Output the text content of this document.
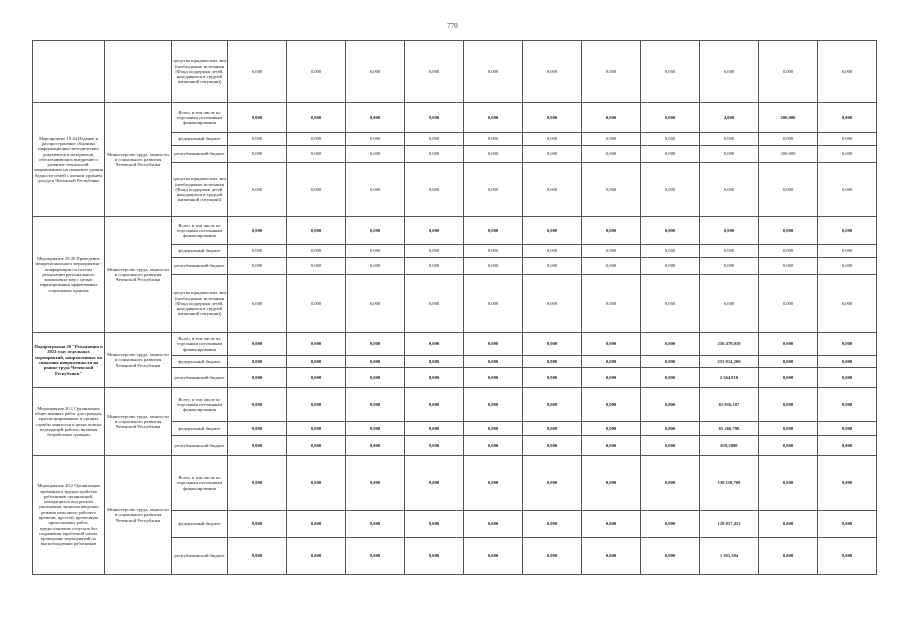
770
		средства юридических лиц (необходимые источники (Фонд поддержки детей, находящихся в трудной жизненной ситуации))	0,000	0,000	0,000	0,000	0,000	0,000	0,000	0,000	0,000	0,000	0,000
Мероприятие 19.44 Издание и распространение сборника информационно-методических документов и материалов, обеспечивающих внедрение и развитие технологий, направленных на снижение уровня бедности семей с низким уровнем дохода в Чеченской Республике	Министерство труда, занятости и социального развития Чеченской Республики	Всего, в том числе по отдельным источникам финансирования	0,000	0,000	0,000	0,000	0,000	0,000	0,000	0,000	4,000	200,000	0,000
		федеральный бюджет	0,000	0,000	0,000	0,000	0,000	0,000	0,000	0,000	0,000	0,000	0,000
		республиканский бюджет	0,000	0,000	0,000	0,000	0,000	0,000	0,000	0,000	0,000	200,000	0,000
		средства юридических лиц (необходимые источники (Фонд поддержки детей, находящихся в трудной жизненной ситуации))	0,000	0,000	0,000	0,000	0,000	0,000	0,000	0,000	0,000	0,000	0,000
Мероприятие 19.45 Проведение межрегионального мероприятия - конференции по итогам реализации регионального компонента мер с целью тиражирования эффективных социальных практик	Министерство труда, занятости и социального развития Чеченской Республики	Всего, в том числе по отдельным источникам финансирования	0,000	0,000	0,000	0,000	0,000	0,000	0,000	0,000	0,000	0,000	0,000
		федеральный бюджет	0,000	0,000	0,000	0,000	0,000	0,000	0,000	0,000	0,000	0,000	0,000
		республиканский бюджет	0,000	0,000	0,000	0,000	0,000	0,000	0,000	0,000	0,000	0,000	0,000
		средства юридических лиц (необходимые источники (Фонд поддержки детей, находящихся в трудной жизненной ситуации))	0,000	0,000	0,000	0,000	0,000	0,000	0,000	0,000	0,000	0,000	0,000
Подпрограмма 20 "Реализация в 2022 году отдельных мероприятий, направленных на снижение напряженности на рынке труда Чеченской Республики"	Министерство труда, занятости и социального развития Чеченской Республики	Всего, в том числе по отдельным источникам финансирования	0,000	0,000	0,000	0,000	0,000	0,000	0,000	0,000	256 479,010	0,000	0,000
		федеральный бюджет	0,000	0,000	0,000	0,000	0,000	0,000	0,000	0,000	253 914,200	0,000	0,000
		республиканский бюджет	0,000	0,000	0,000	0,000	0,000	0,000	0,000	0,000	2 564,810	0,000	0,000
Мероприятие 20.1 Организация общественных работ для граждан, зарегистрированных в органах службы занятости в целях поиска подходящей работы, включая безработных граждан	Министерство труда, занятости и социального развития Чеченской Республики	Всего, в том числе по отдельным источникам финансирования	0,000	0,000	0,000	0,000	0,000	0,000	0,000	0,000	65 916,107	0,000	0,000
		федеральный бюджет	0,000	0,000	0,000	0,000	0,000	0,000	0,000	0,000	65 266,798	0,000	0,000
		республиканский бюджет	0,000	0,000	0,000	0,000	0,000	0,000	0,000	0,000	659,3090	0,000	0,000
Мероприятие 20.2 Организация временного трудоустройства работников организаций, находящихся под риском увольнения, включая введение режима неполного рабочего времени, простой, временную приостановку работ, предоставление отпусков без сохранения заработной платы, проведение мероприятий по высвобождению работников	Министерство труда, занятости и социального развития Чеченской Республики	Всего, в том числе по отдельным источникам финансирования	0,000	0,000	0,000	0,000	0,000	0,000	0,000	0,000	130 118,709	0,000	0,000
		федеральный бюджет	0,000	0,000	0,000	0,000	0,000	0,000	0,000	0,000	128 817,412	0,000	0,000
		республиканский бюджет	0,000	0,000	0,000	0,000	0,000	0,000	0,000	0,000	1 301,304	0,000	0,000
